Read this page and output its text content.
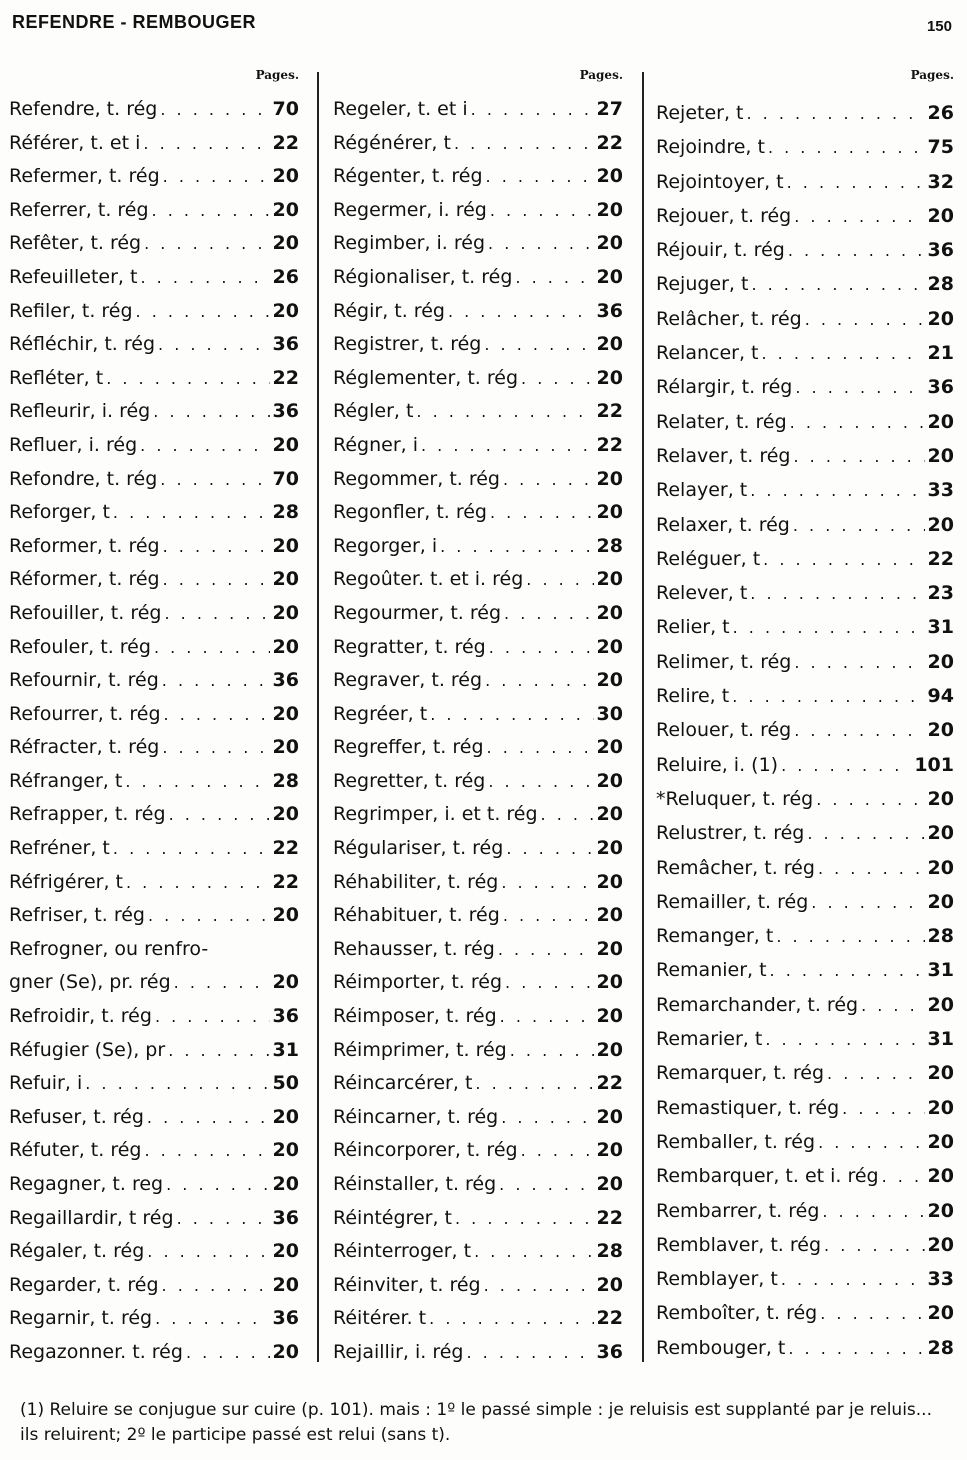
REFENDRE - REMBOUGER	150
Pages.
Refendre, t. rég . . .	70
Référer, t. et i . . .	22
Refermer, t. rég . . .	20
Referrer, t. rég . . .	20
Refêter, t. rég . . .	20
Refeuilleter, t . . .	26
Refiler, t. rég . . .	20
Réfléchir, t. rég . . .	36
Refléter, t . . .	22
Refleurir, i. rég . . .	36
Refluer, i. rég . . .	20
Refondre, t. rég . . .	70
Reforger, t . . .	28
Reformer, t. rég . . .	20
Réformer, t. rég . . .	20
Refouiller, t. rég . . .	20
Refouler, t. rég . . .	20
Refournir, t. rég . . .	36
Refourrer, t. rég . . .	20
Réfracter, t. rég . . .	20
Réfranger, t . . .	28
Refrapper, t. rég . . .	20
Refréner, t . . .	22
Réfrigérer, t . . .	22
Refriser, t. rég . . .	20
Refrogner, ou renfro-
gner (Se), pr. rég . . .	20
Refroidir, t. rég . . .	36
Réfugier (Se), pr . . .	31
Refuir, i . . .	50
Refuser, t. rég . . .	20
Réfuter, t. rég . . .	20
Regagner, t. reg . . .	20
Regaillardir, t rég . . .	36
Régaler, t. rég . . .	20
Regarder, t. rég . . .	20
Regarnir, t. rég . . .	36
Regazonner. t. rég . . .	20
Pages.
Regeler, t. et i . . .	27
Régénérer, t . . .	22
Régenter, t. rég . . .	20
Regermer, i. rég . . .	20
Regimber, i. rég . . .	20
Régionaliser, t. rég . . .	20
Régir, t. rég . . .	36
Registrer, t. rég . . .	20
Réglementer, t. rég . . .	20
Régler, t . . .	22
Régner, i . . .	22
Regommer, t. rég . . .	20
Regonfler, t. rég . . .	20
Regorger, i . . .	28
Regoûter. t. et i. rég . . .	20
Regourmer, t. rég . . .	20
Regratter, t. rég . . .	20
Regraver, t. rég . . .	20
Regréer, t . . .	30
Regreffer, t. rég . . .	20
Regretter, t. rég . . .	20
Regrimper, i. et t. rég . . .	20
Régulariser, t. rég . . .	20
Réhabiliter, t. rég . . .	20
Réhabituer, t. rég . . .	20
Rehausser, t. rég . . .	20
Réimporter, t. rég . . .	20
Réimposer, t. rég . . .	20
Réimprimer, t. rég . . .	20
Réincarcérer, t . . .	22
Réincarner, t. rég . . .	20
Réincorporer, t. rég . . .	20
Réinstaller, t. rég . . .	20
Réintégrer, t . . .	22
Réinterroger, t . . .	28
Réinviter, t. rég . . .	20
Réitérer. t . . .	22
Rejaillir, i. rég . . .	36
Pages.
Rejeter, t . . .	26
Rejoindre, t . . .	75
Rejointoyer, t . . .	32
Rejouer, t. rég . . .	20
Réjouir, t. rég . . .	36
Rejuger, t . . .	28
Relâcher, t. rég . . .	20
Relancer, t . . .	21
Rélargir, t. rég . . .	36
Relater, t. rég . . .	20
Relaver, t. rég . . .	20
Relayer, t . . .	33
Relaxer, t. rég . . .	20
Reléguer, t . . .	22
Relever, t . . .	23
Relier, t . . .	31
Relimer, t. rég . . .	20
Relire, t . . .	94
Relouer, t. rég . . .	20
Reluire, i. (1) . . .	101
*Reluquer, t. rég . . .	20
Relustrer, t. rég . . .	20
Remâcher, t. rég . . .	20
Remailler, t. rég . . .	20
Remanger, t . . .	28
Remanier, t . . .	31
Remarchander, t. rég . . .	20
Remarier, t . . .	31
Remarquer, t. rég . . .	20
Remastiquer, t. rég . . .	20
Remballer, t. rég . . .	20
Rembarquer, t. et i. rég . . .	20
Rembarrer, t. rég . . .	20
Remblaver, t. rég . . .	20
Remblayer, t . . .	33
Remboîter, t. rég . . .	20
Rembouger, t . . .	28
(1) Reluire se conjugue sur cuire (p. 101). mais : 1º le passé simple : je reluisis est supplanté par je reluis... ils reluirent; 2º le participe passé est relui (sans t).
